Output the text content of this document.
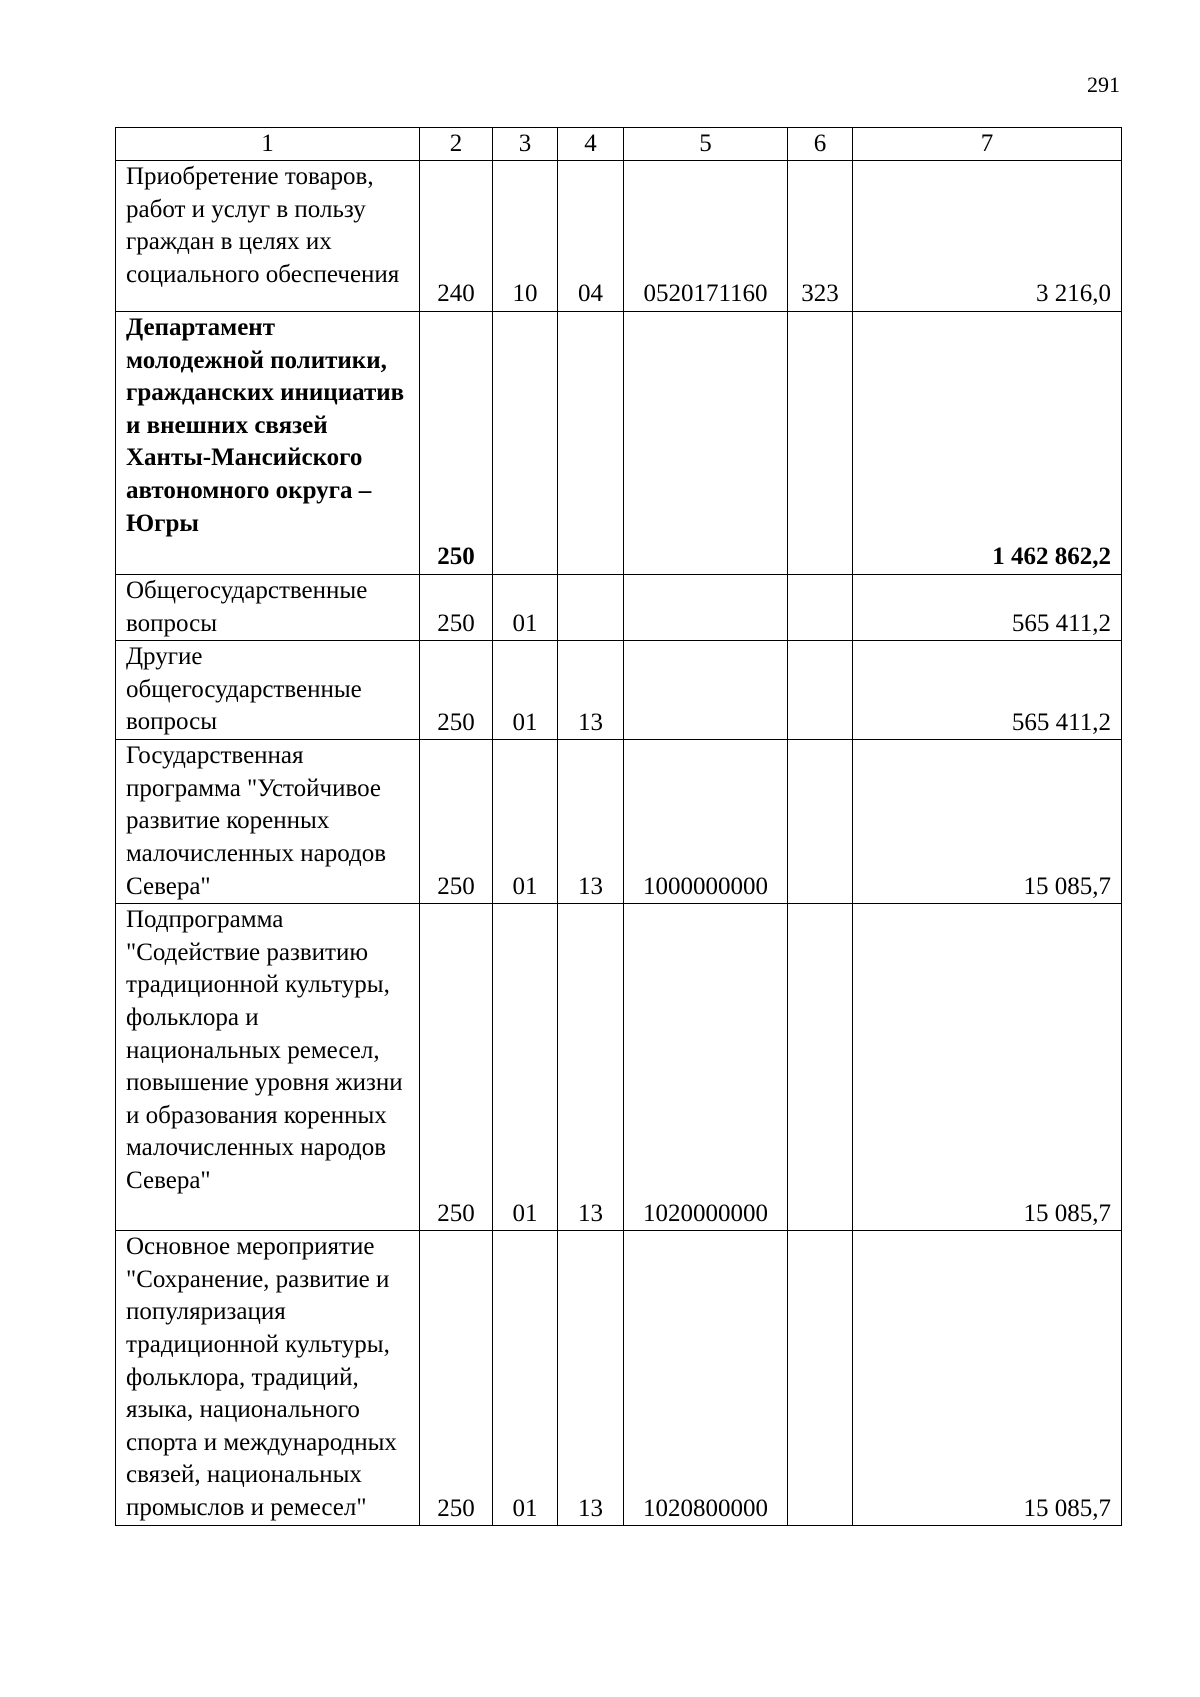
291
1	2	3	4	5	6	7
Приобретение товаров, работ и услуг в пользу граждан в целях их социального обеспечения	240	10	04	0520171160	323	3 216,0
Департамент молодежной политики, гражданских инициатив и внешних связей Ханты-Мансийского автономного округа – Югры	250					1 462 862,2
Общегосударственные вопросы	250	01				565 411,2
Другие общегосударственные вопросы	250	01	13			565 411,2
Государственная программа "Устойчивое развитие коренных малочисленных народов Севера"	250	01	13	1000000000		15 085,7
Подпрограмма "Содействие развитию традиционной культуры, фольклора и национальных ремесел, повышение уровня жизни и образования коренных малочисленных народов Севера"	250	01	13	1020000000		15 085,7
Основное мероприятие "Сохранение, развитие и популяризация традиционной культуры, фольклора, традиций, языка, национального спорта и международных связей, национальных промыслов и ремесел"	250	01	13	1020800000		15 085,7
